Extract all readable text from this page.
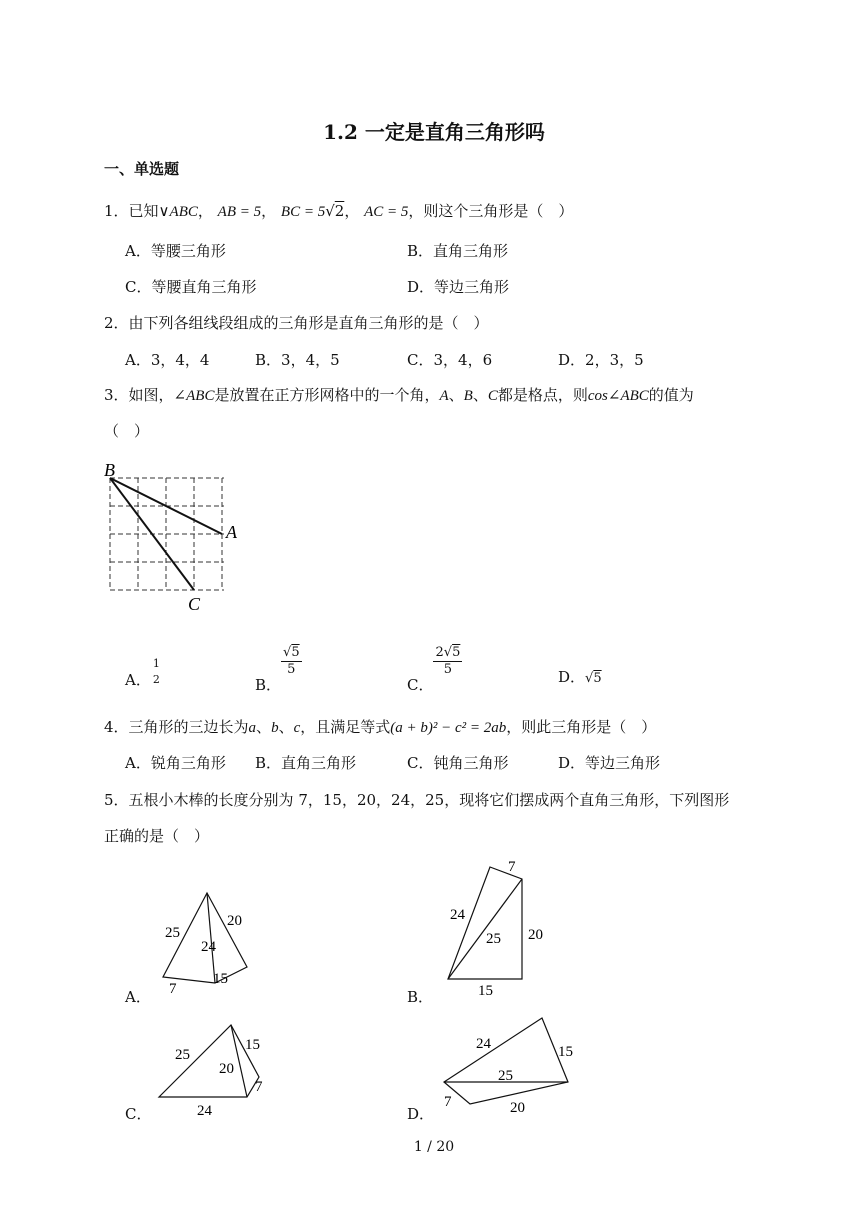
1.2 一定是直角三角形吗
一、单选题
1．已知∨ABC， AB = 5， BC = 5√2， AC = 5，则这个三角形是（　）
A．等腰三角形	B．直角三角形
C．等腰直角三角形	D．等边三角形
2．由下列各组线段组成的三角形是直角三角形的是（　）
A．3，4，4	B．3，4，5	C．3，4，6	D．2，3，5
3．如图，∠ABC是放置在正方形网格中的一个角，A、B、C都是格点，则cos∠ABC的值为
（　）
B
A
C
A．
1
2	B．
$\frac{√5}{5}$
C．
$\frac{2√5}{5}$	D．√5
4．三角形的三边长为a、b、c，且满足等式(a + b)² − c² = 2ab，则此三角形是（　）
A．锐角三角形 B．直角三角形	C．钝角三角形	D．等边三角形
5．五根小木棒的长度分别为 7，15，20，24，25，现将它们摆成两个直角三角形，下列图形
正确的是（　）
A．
25
20
24
15
7	B．
7
24
25 20
15
C．
25
15
20
7
24	D．
24	15
25
7	20
1 / 20
